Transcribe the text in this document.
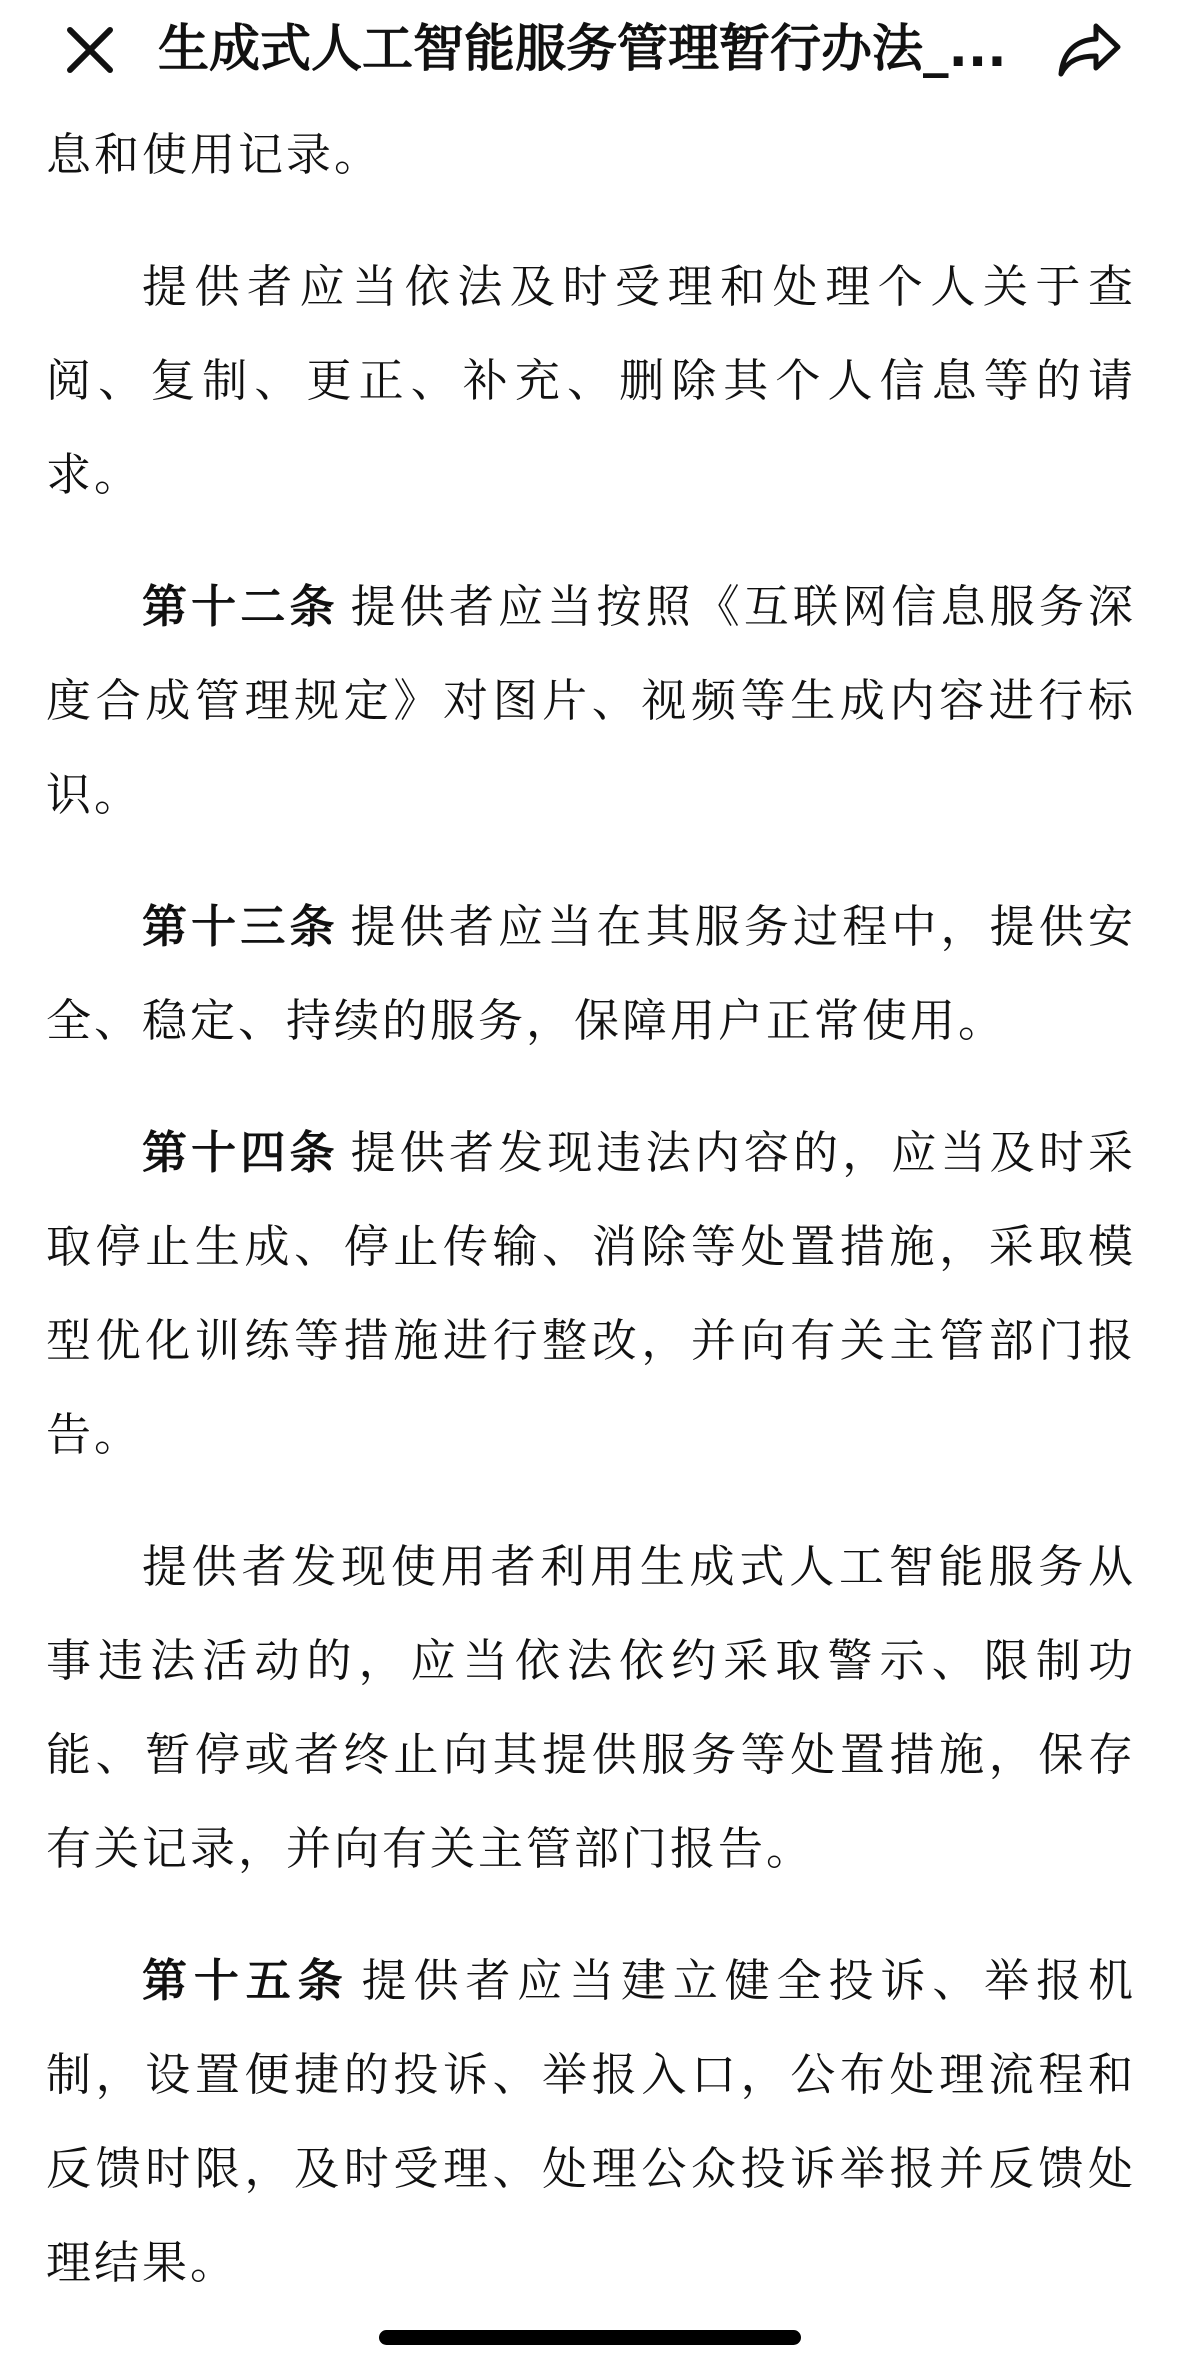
生成式人工智能服务管理暂行办法_...

息和使用记录。

提供者应当依法及时受理和处理个人关于查阅、复制、更正、补充、删除其个人信息等的请求。

第十二条 提供者应当按照《互联网信息服务深度合成管理规定》对图片、视频等生成内容进行标识。

第十三条 提供者应当在其服务过程中，提供安全、稳定、持续的服务，保障用户正常使用。

第十四条 提供者发现违法内容的，应当及时采取停止生成、停止传输、消除等处置措施，采取模型优化训练等措施进行整改，并向有关主管部门报告。

提供者发现使用者利用生成式人工智能服务从事违法活动的，应当依法依约采取警示、限制功能、暂停或者终止向其提供服务等处置措施，保存有关记录，并向有关主管部门报告。

第十五条 提供者应当建立健全投诉、举报机制，设置便捷的投诉、举报入口，公布处理流程和反馈时限，及时受理、处理公众投诉举报并反馈处理结果。
